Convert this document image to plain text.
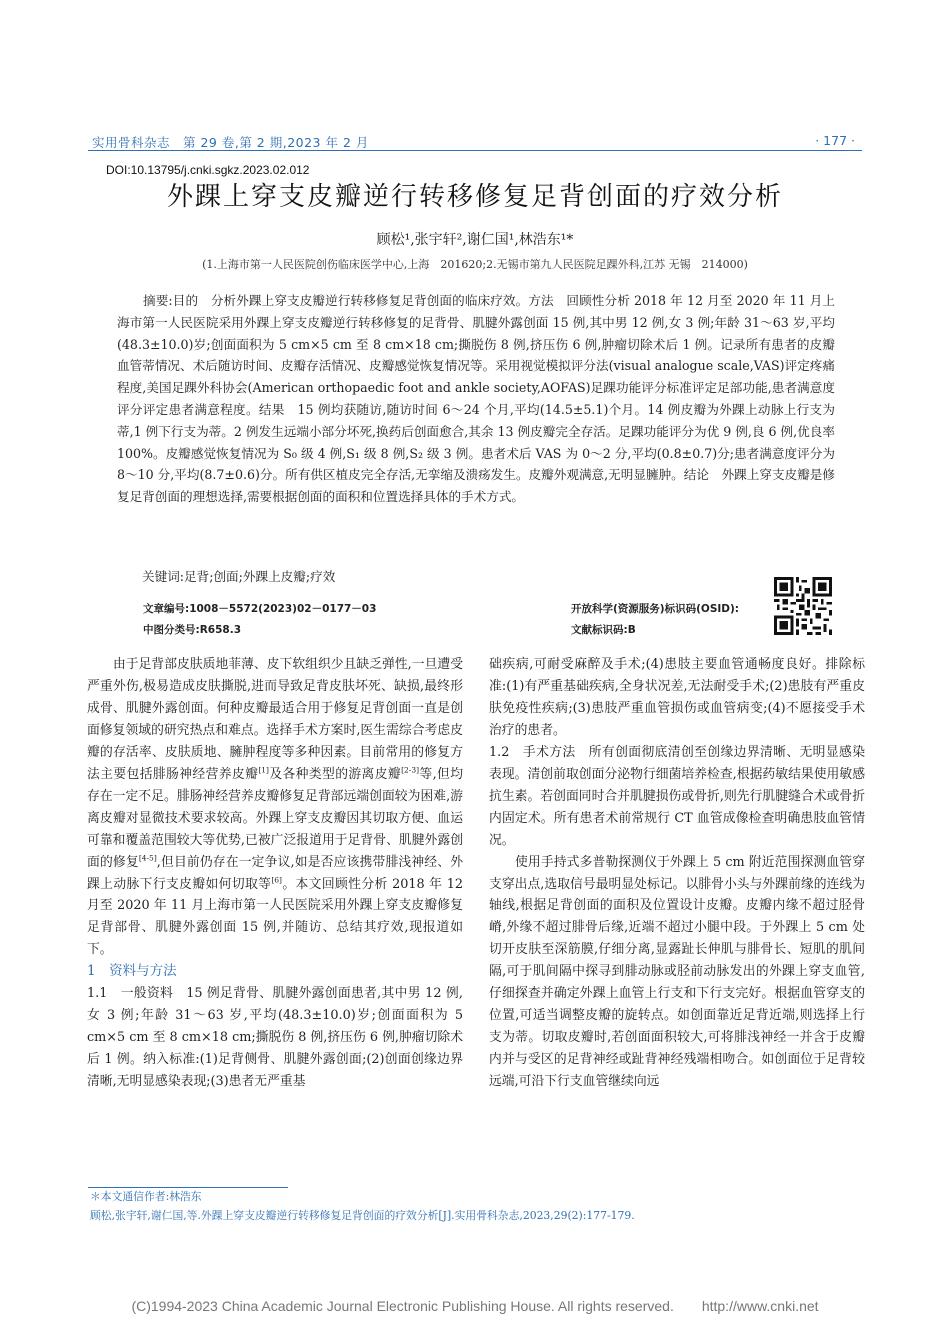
实用骨科杂志　第 29 卷,第 2 期,2023 年 2 月	· 177 ·
DOI:10.13795/j.cnki.sgkz.2023.02.012
外踝上穿支皮瓣逆行转移修复足背创面的疗效分析
顾松¹,张宇轩²,谢仁国¹,林浩东¹*
(1.上海市第一人民医院创伤临床医学中心,上海　201620;2.无锡市第九人民医院足踝外科,江苏 无锡　214000)
摘要:目的　分析外踝上穿支皮瓣逆行转移修复足背创面的临床疗效。方法　回顾性分析 2018 年 12 月至 2020 年 11 月上海市第一人民医院采用外踝上穿支皮瓣逆行转移修复的足背骨、肌腱外露创面 15 例,其中男 12 例,女 3 例;年龄 31～63 岁,平均(48.3±10.0)岁;创面面积为 5 cm×5 cm 至 8 cm×18 cm;撕脱伤 8 例,挤压伤 6 例,肿瘤切除术后 1 例。记录所有患者的皮瓣血管蒂情况、术后随访时间、皮瓣存活情况、皮瓣感觉恢复情况等。采用视觉模拟评分法(visual analogue scale,VAS)评定疼痛程度,美国足踝外科协会(American orthopaedic foot and ankle society,AOFAS)足踝功能评分标准评定足部功能,患者满意度评分评定患者满意程度。结果　15 例均获随访,随访时间 6～24 个月,平均(14.5±5.1)个月。14 例皮瓣为外踝上动脉上行支为蒂,1 例下行支为蒂。2 例发生远端小部分坏死,换药后创面愈合,其余 13 例皮瓣完全存活。足踝功能评分为优 9 例,良 6 例,优良率 100%。皮瓣感觉恢复情况为 S₀ 级 4 例,S₁ 级 8 例,S₂ 级 3 例。患者术后 VAS 为 0～2 分,平均(0.8±0.7)分;患者满意度评分为 8～10 分,平均(8.7±0.6)分。所有供区植皮完全存活,无挛缩及溃疡发生。皮瓣外观满意,无明显臃肿。结论　外踝上穿支皮瓣是修复足背创面的理想选择,需要根据创面的面积和位置选择具体的手术方式。
关键词:足背;创面;外踝上皮瓣;疗效
文章编号:1008－5572(2023)02－0177－03
中图分类号:R658.3
开放科学(资源服务)标识码(OSID):
文献标识码:B

由于足背部皮肤质地菲薄、皮下软组织少且缺乏弹性,一旦遭受严重外伤,极易造成皮肤撕脱,进而导致足背皮肤坏死、缺损,最终形成骨、肌腱外露创面。何种皮瓣最适合用于修复足背创面一直是创面修复领域的研究热点和难点。选择手术方案时,医生需综合考虑皮瓣的存活率、皮肤质地、臃肿程度等多种因素。目前常用的修复方法主要包括腓肠神经营养皮瓣[1]及各种类型的游离皮瓣[2-3]等,但均存在一定不足。腓肠神经营养皮瓣修复足背部远端创面较为困难,游离皮瓣对显微技术要求较高。外踝上穿支皮瓣因其切取方便、血运可靠和覆盖范围较大等优势,已被广泛报道用于足背骨、肌腱外露创面的修复[4-5],但目前仍存在一定争议,如是否应该携带腓浅神经、外踝上动脉下行支皮瓣如何切取等[6]。本文回顾性分析 2018 年 12 月至 2020 年 11 月上海市第一人民医院采用外踝上穿支皮瓣修复足背部骨、肌腱外露创面 15 例,并随访、总结其疗效,现报道如下。

1　资料与方法

1.1　一般资料　15 例足背骨、肌腱外露创面患者,其中男 12 例,女 3 例;年龄 31～63 岁,平均(48.3±10.0)岁;创面面积为 5 cm×5 cm 至 8 cm×18 cm;撕脱伤 8 例,挤压伤 6 例,肿瘤切除术后 1 例。纳入标准:(1)足背侧骨、肌腱外露创面;(2)创面创缘边界清晰,无明显感染表现;(3)患者无严重基

础疾病,可耐受麻醉及手术;(4)患肢主要血管通畅度良好。排除标准:(1)有严重基础疾病,全身状况差,无法耐受手术;(2)患肢有严重皮肤免疫性疾病;(3)患肢严重血管损伤或血管病变;(4)不愿接受手术治疗的患者。

1.2　手术方法　所有创面彻底清创至创缘边界清晰、无明显感染表现。清创前取创面分泌物行细菌培养检查,根据药敏结果使用敏感抗生素。若创面同时合并肌腱损伤或骨折,则先行肌腱缝合术或骨折内固定术。所有患者术前常规行 CT 血管成像检查明确患肢血管情况。

使用手持式多普勒探测仪于外踝上 5 cm 附近范围探测血管穿支穿出点,选取信号最明显处标记。以腓骨小头与外踝前缘的连线为轴线,根据足背创面的面积及位置设计皮瓣。皮瓣内缘不超过胫骨嵴,外缘不超过腓骨后缘,近端不超过小腿中段。于外踝上 5 cm 处切开皮肤至深筋膜,仔细分离,显露趾长伸肌与腓骨长、短肌的肌间隔,可于肌间隔中探寻到腓动脉或胫前动脉发出的外踝上穿支血管,仔细探查并确定外踝上血管上行支和下行支完好。根据血管穿支的位置,可适当调整皮瓣的旋转点。如创面靠近足背近端,则选择上行支为蒂。切取皮瓣时,若创面面积较大,可将腓浅神经一并含于皮瓣内并与受区的足背神经或趾背神经残端相吻合。如创面位于足背较远端,可沿下行支血管继续向远

＊本文通信作者:林浩东
顾松,张宇轩,谢仁国,等.外踝上穿支皮瓣逆行转移修复足背创面的疗效分析[J].实用骨科杂志,2023,29(2):177-179.
(C)1994-2023 China Academic Journal Electronic Publishing House. All rights reserved.　　http://www.cnki.net
